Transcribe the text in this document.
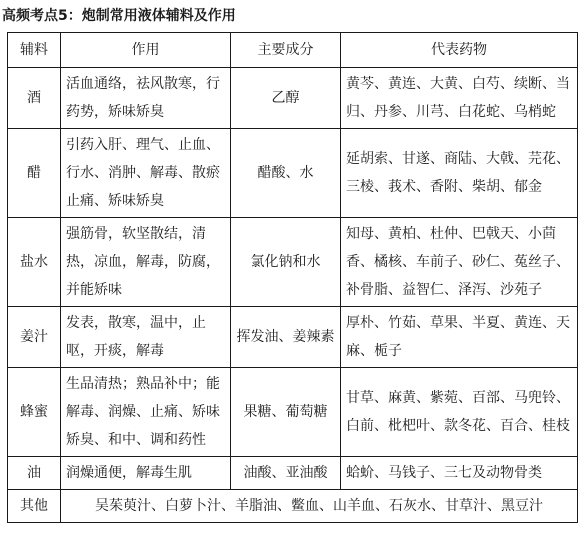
高频考点5：炮制常用液体辅料及作用
辅料	作用	主要成分	代表药物
酒	活血通络，祛风散寒，行药势，矫味矫臭	乙醇	黄芩、黄连、大黄、白芍、续断、当归、丹参、川芎、白花蛇、乌梢蛇
醋	引药入肝、理气、止血、行水、消肿、解毒、散瘀止痛、矫味矫臭	醋酸、水	延胡索、甘遂、商陆、大戟、芫花、三棱、莪术、香附、柴胡、郁金
盐水	强筋骨，软坚散结，清热，凉血，解毒，防腐，并能矫味	氯化钠和水	知母、黄柏、杜仲、巴戟天、小茴香、橘核、车前子、砂仁、菟丝子、补骨脂、益智仁、泽泻、沙苑子
姜汁	发表，散寒，温中，止呕，开痰，解毒	挥发油、姜辣素	厚朴、竹茹、草果、半夏、黄连、天麻、栀子
蜂蜜	生品清热；熟品补中；能解毒、润燥、止痛、矫味矫臭、和中、调和药性	果糖、葡萄糖	甘草、麻黄、紫菀、百部、马兜铃、白前、枇杷叶、款冬花、百合、桂枝
油	润燥通便，解毒生肌	油酸、亚油酸	蛤蚧、马钱子、三七及动物骨类
其他	吴茱萸汁、白萝卜汁、羊脂油、鳖血、山羊血、石灰水、甘草汁、黑豆汁		
